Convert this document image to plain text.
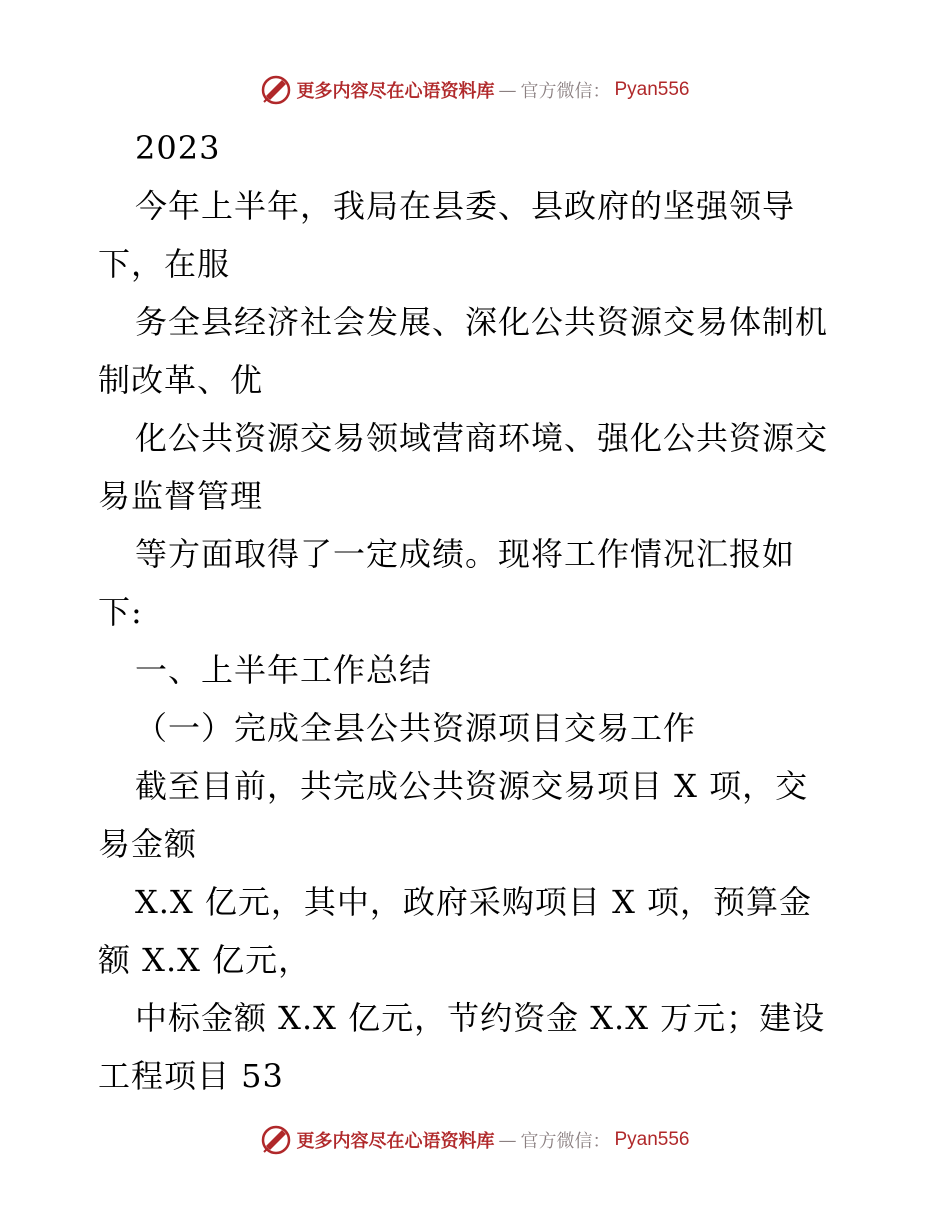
更多内容尽在心语资料库 — 官方微信： Pyan556
2023
今年上半年，我局在县委、县政府的坚强领导
下，在服
务全县经济社会发展、深化公共资源交易体制机
制改革、优
化公共资源交易领域营商环境、强化公共资源交
易监督管理
等方面取得了一定成绩。现将工作情况汇报如
下:
一、上半年工作总结
（一）完成全县公共资源项目交易工作
截至目前，共完成公共资源交易项目 X 项，交
易金额
X.X 亿元，其中，政府采购项目 X 项，预算金
额 X.X 亿元，
中标金额 X.X 亿元，节约资金 X.X 万元；建设
工程项目 53
更多内容尽在心语资料库 — 官方微信： Pyan556
